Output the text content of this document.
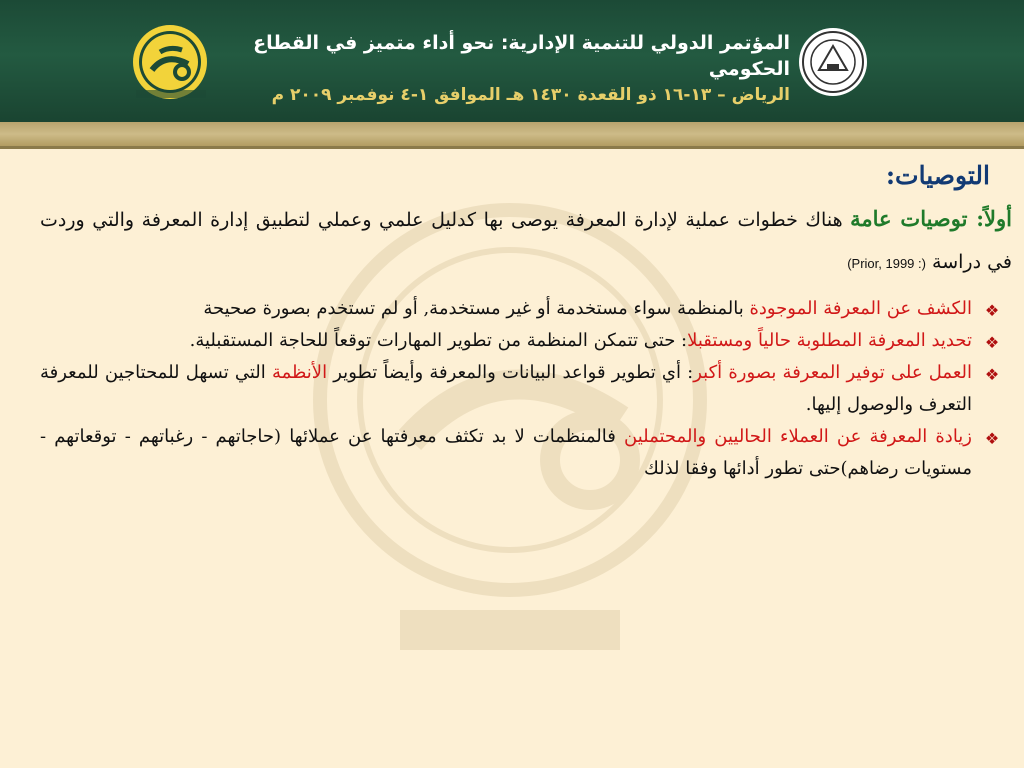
المؤتمر الدولي للتنمية الإدارية: نحو أداء متميز في القطاع الحكومي
الرياض – ١٣-١٦ ذو القعدة ١٤٣٠ هـ الموافق ١-٤ نوفمبر ٢٠٠٩ م
التوصيات:
أولاً: توصيات عامة هناك خطوات عملية لإدارة المعرفة يوصى بها كدليل علمي وعملي لتطبيق إدارة المعرفة والتي وردت في دراسة (Prior, 1999 :)
❖
الكشف عن المعرفة الموجودة بالمنظمة سواء مستخدمة أو غير مستخدمة, أو لم تستخدم بصورة صحيحة
❖
تحديد المعرفة المطلوبة حالياً ومستقبلا: حتى تتمكن المنظمة من تطوير المهارات توقعاً للحاجة المستقبلية.
❖
العمل على توفير المعرفة بصورة أكبر: أي تطوير قواعد البيانات والمعرفة وأيضاً تطوير الأنظمة التي تسهل للمحتاجين للمعرفة التعرف والوصول إليها.
❖
زيادة المعرفة عن العملاء الحاليين والمحتملين فالمنظمات لا بد تكثف معرفتها عن عملائها (حاجاتهم - رغباتهم - توقعاتهم - مستويات رضاهم)حتى تطور أدائها وفقا لذلك
